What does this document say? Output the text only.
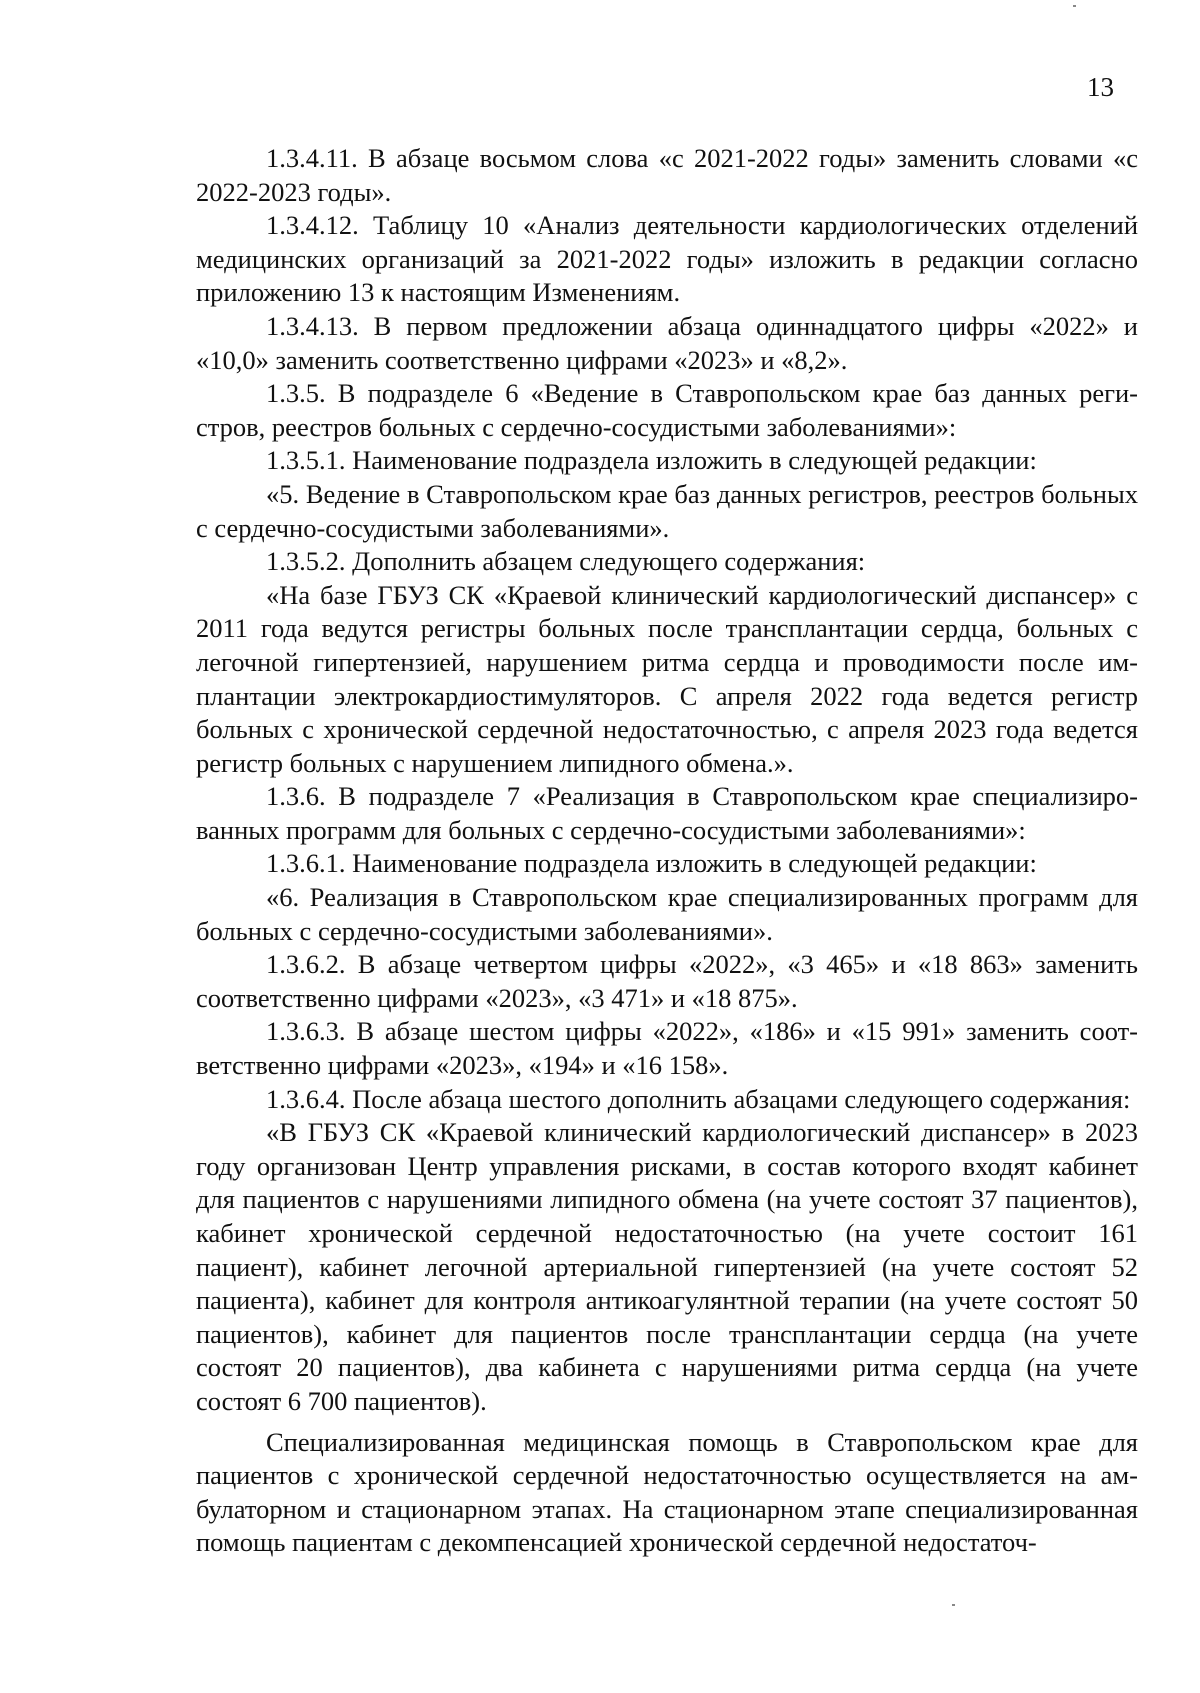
13

1.3.4.11. В абзаце восьмом слова «с 2021-2022 годы» заменить словами «с 2022-2023 годы».

1.3.4.12. Таблицу 10 «Анализ деятельности кардиологических отделений медицинских организаций за 2021-2022 годы» изложить в редакции согласно приложению 13 к настоящим Изменениям.

1.3.4.13. В первом предложении абзаца одиннадцатого цифры «2022» и «10,0» заменить соответственно цифрами «2023» и «8,2».

1.3.5. В подразделе 6 «Ведение в Ставропольском крае баз данных регистров, реестров больных с сердечно-сосудистыми заболеваниями»:

1.3.5.1. Наименование подраздела изложить в следующей редакции:

«5. Ведение в Ставропольском крае баз данных регистров, реестров больных с сердечно-сосудистыми заболеваниями».

1.3.5.2. Дополнить абзацем следующего содержания:

«На базе ГБУЗ СК «Краевой клинический кардиологический диспансер» с 2011 года ведутся регистры больных после трансплантации сердца, больных с легочной гипертензией, нарушением ритма сердца и проводимости после имплантации электрокардиостимуляторов. С апреля 2022 года ведется регистр больных с хронической сердечной недостаточностью, с апреля 2023 года ведется регистр больных с нарушением липидного обмена.».

1.3.6. В подразделе 7 «Реализация в Ставропольском крае специализированных программ для больных с сердечно-сосудистыми заболеваниями»:

1.3.6.1. Наименование подраздела изложить в следующей редакции:

«6. Реализация в Ставропольском крае специализированных программ для больных с сердечно-сосудистыми заболеваниями».

1.3.6.2. В абзаце четвертом цифры «2022», «3 465» и «18 863» заменить соответственно цифрами «2023», «3 471» и «18 875».

1.3.6.3. В абзаце шестом цифры «2022», «186» и «15 991» заменить соответственно цифрами «2023», «194» и «16 158».

1.3.6.4. После абзаца шестого дополнить абзацами следующего содержания:

«В ГБУЗ СК «Краевой клинический кардиологический диспансер» в 2023 году организован Центр управления рисками, в состав которого входят кабинет для пациентов с нарушениями липидного обмена (на учете состоят 37 пациентов), кабинет хронической сердечной недостаточностью (на учете состоит 161 пациент), кабинет легочной артериальной гипертензией (на учете состоят 52 пациента), кабинет для контроля антикоагулянтной терапии (на учете состоят 50 пациентов), кабинет для пациентов после трансплантации сердца (на учете состоят 20 пациентов), два кабинета с нарушениями ритма сердца (на учете состоят 6 700 пациентов).

Специализированная медицинская помощь в Ставропольском крае для пациентов с хронической сердечной недостаточностью осуществляется на амбулаторном и стационарном этапах. На стационарном этапе специализированная помощь пациентам с декомпенсацией хронической сердечной недостаточ-
